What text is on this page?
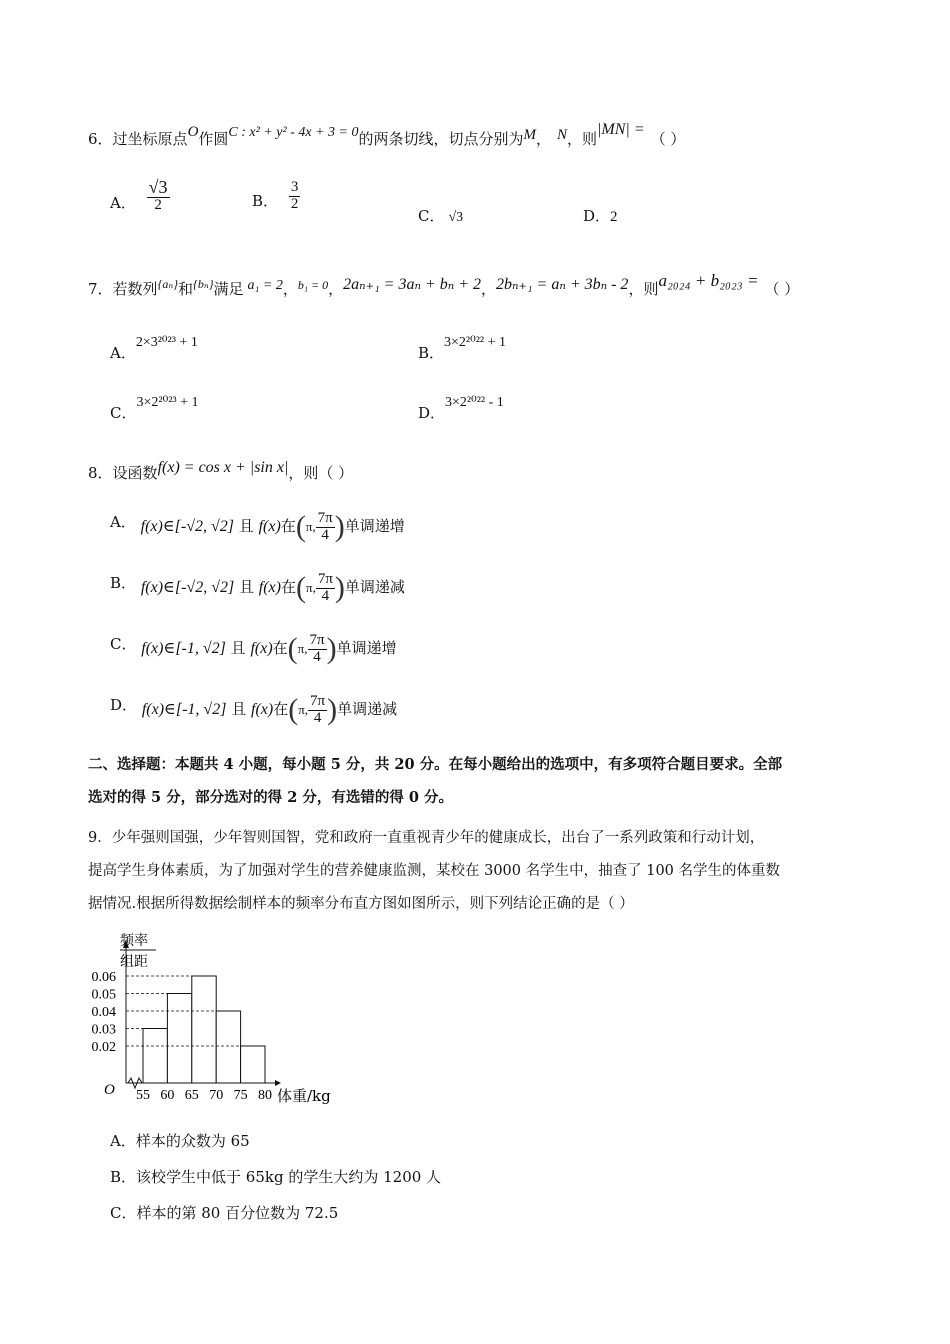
6．过坐标原点O作圆C : x² + y² - 4x + 3 = 0的两条切线，切点分别为M， N，则|MN| =（ ）
A． $\frac{√3}{2}$	B． $\frac{3}{2}$
C． √3	D．2
7．若数列$^{\{a_n\}}$和$^{\{b_n\}}$满足 a₁ = 2，$^{b_1 = 0}$，2aₙ₊₁ = 3aₙ + bₙ + 2，2bₙ₊₁ = aₙ + 3bₙ - 2，则a₂₀₂₄ + b₂₀₂₃ = （ ）
A．2×3²⁰²³ + 1
B．3×2²⁰²² + 1
C．3×2²⁰²³ + 1
D．3×2²⁰²² - 1
8．设函数f(x) = cos x + |sin x|，则（ ）
A． f(x)∈[-√2, √2] 且 f(x)在(π, $\frac{7\pi}{4}$ )单调递增
B． f(x)∈[-√2, √2] 且 f(x)在(π, $\frac{7\pi}{4}$ )单调递减
C． f(x)∈[-1, √2] 且 f(x)在(π, $\frac{7\pi}{4}$ )单调递增
D． f(x)∈[-1, √2] 且 f(x)在(π, $\frac{7\pi}{4}$ )单调递减
二、选择题：本题共 4 小题，每小题 5 分，共 20 分。在每小题给出的选项中，有多项符合题目要求。全部
选对的得 5 分，部分选对的得 2 分，有选错的得 0 分。
9．少年强则国强，少年智则国智，党和政府一直重视青少年的健康成长，出台了一系列政策和行动计划，
提高学生身体素质，为了加强对学生的营养健康监测，某校在 3000 名学生中，抽查了 100 名学生的体重数
据情况.根据所得数据绘制样本的频率分布直方图如图所示，则下列结论正确的是（ ）
0.06
0.05
0.04
0.03
0.02
55 60 65 70 75 80
O	体重/kg
频率
组距
A．样本的众数为 65
B．该校学生中低于 65kg 的学生大约为 1200 人
C．样本的第 80 百分位数为 72.5
